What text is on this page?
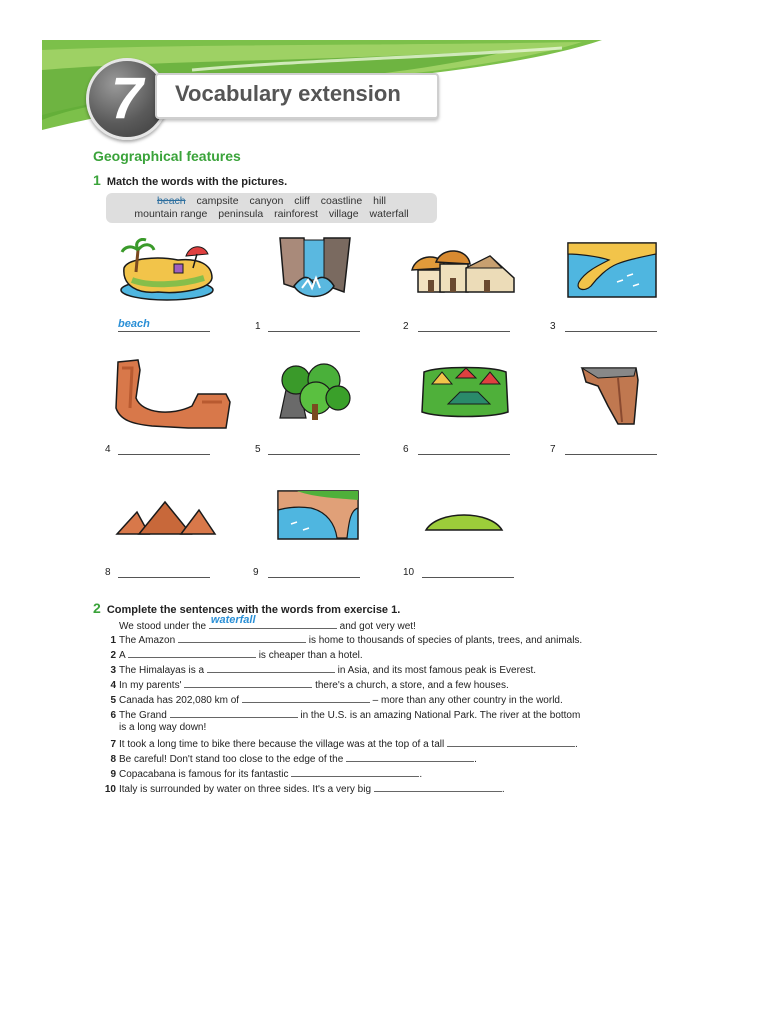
7	Vocabulary extension
Geographical features
1 Match the words with the pictures.
beach campsite canyon cliff coastline hill
mountain range peninsula rainforest village waterfall
beach	1	2	3
4	5	6	7
8	9	10
2 Complete the sentences with the words from exercise 1.
We stood under the
waterfall
and got very wet!
1 The Amazon	is home to thousands of species of plants, trees, and animals.
2 A	is cheaper than a hotel.
3 The Himalayas is a	in Asia, and its most famous peak is Everest.
4 In my parents'	there's a church, a store, and a few houses.
5 Canada has 202,080 km of	– more than any other country in the world.
6 The Grand	in the U.S. is an amazing National Park. The river at the bottom
is a long way down!
7 It took a long time to bike there because the village was at the top of a tall	.
8 Be careful! Don't stand too close to the edge of the	.
9 Copacabana is famous for its fantastic	.
10 Italy is surrounded by water on three sides. It's a very big	.
